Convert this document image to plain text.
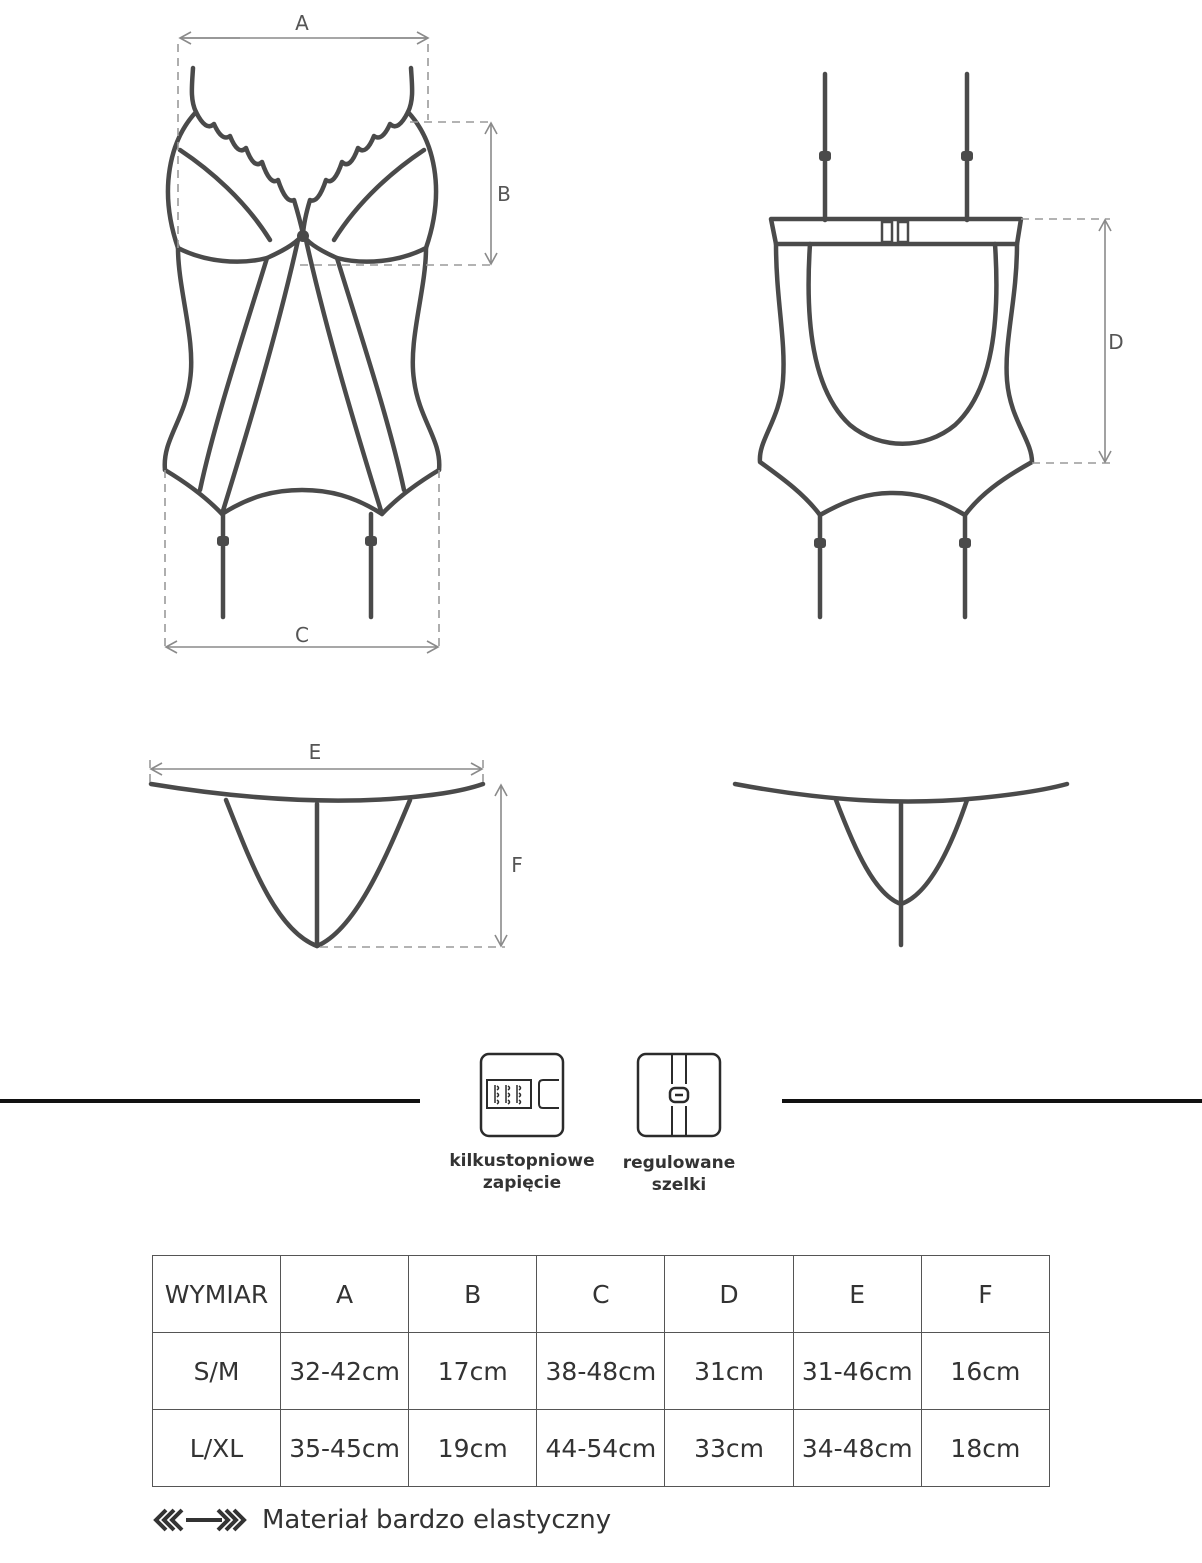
A
B
C
D
E
F
kilkustopniowe
zapięcie
regulowane
szelki
WYMIAR	A	B	C	D	E	F
S/M	32-42cm	17cm	38-48cm	31cm	31-46cm	16cm
L/XL	35-45cm	19cm	44-54cm	33cm	34-48cm	18cm
Materiał bardzo elastyczny
